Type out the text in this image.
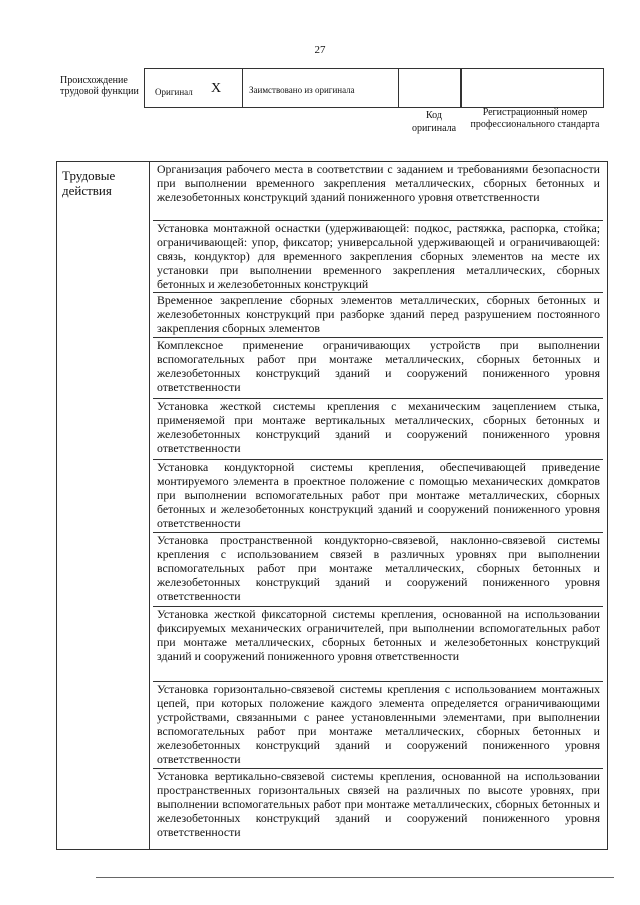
27
Происхождение трудовой функции Оригинал X	Заимствовано из оригинала
Код оригинала
Регистрационный номер профессионального стандарта
Трудовые действия
Организация рабочего места в соответствии с заданием и требованиями безопасности при выполнении временного закрепления металлических, сборных бетонных и железобетонных конструкций зданий пониженного уровня ответственности
Установка монтажной оснастки (удерживающей: подкос, растяжка, распорка, стойка; ограничивающей: упор, фиксатор; универсальной удерживающей и ограничивающей: связь, кондуктор) для временного закрепления сборных элементов на месте их установки при выполнении временного закрепления металлических, сборных бетонных и железобетонных конструкций
Временное закрепление сборных элементов металлических, сборных бетонных и железобетонных конструкций при разборке зданий перед разрушением постоянного закрепления сборных элементов
Комплексное применение ограничивающих устройств при выполнении вспомогательных работ при монтаже металлических, сборных бетонных и железобетонных конструкций зданий и сооружений пониженного уровня ответственности
Установка жесткой системы крепления с механическим зацеплением стыка, применяемой при монтаже вертикальных металлических, сборных бетонных и железобетонных конструкций зданий и сооружений пониженного уровня ответственности
Установка кондукторной системы крепления, обеспечивающей приведение монтируемого элемента в проектное положение с помощью механических домкратов при выполнении вспомогательных работ при монтаже металлических, сборных бетонных и железобетонных конструкций зданий и сооружений пониженного уровня ответственности
Установка пространственной кондукторно-связевой, наклонно-связевой системы крепления с использованием связей в различных уровнях при выполнении вспомогательных работ при монтаже металлических, сборных бетонных и железобетонных конструкций зданий и сооружений пониженного уровня ответственности
Установка жесткой фиксаторной системы крепления, основанной на использовании фиксируемых механических ограничителей, при выполнении вспомогательных работ при монтаже металлических, сборных бетонных и железобетонных конструкций зданий и сооружений пониженного уровня ответственности
Установка горизонтально-связевой системы крепления с использованием монтажных цепей, при которых положение каждого элемента определяется ограничивающими устройствами, связанными с ранее установленными элементами, при выполнении вспомогательных работ при монтаже металлических, сборных бетонных и железобетонных конструкций зданий и сооружений пониженного уровня ответственности
Установка вертикально-связевой системы крепления, основанной на использовании пространственных горизонтальных связей на различных по высоте уровнях, при выполнении вспомогательных работ при монтаже металлических, сборных бетонных и железобетонных конструкций зданий и сооружений пониженного уровня ответственности
